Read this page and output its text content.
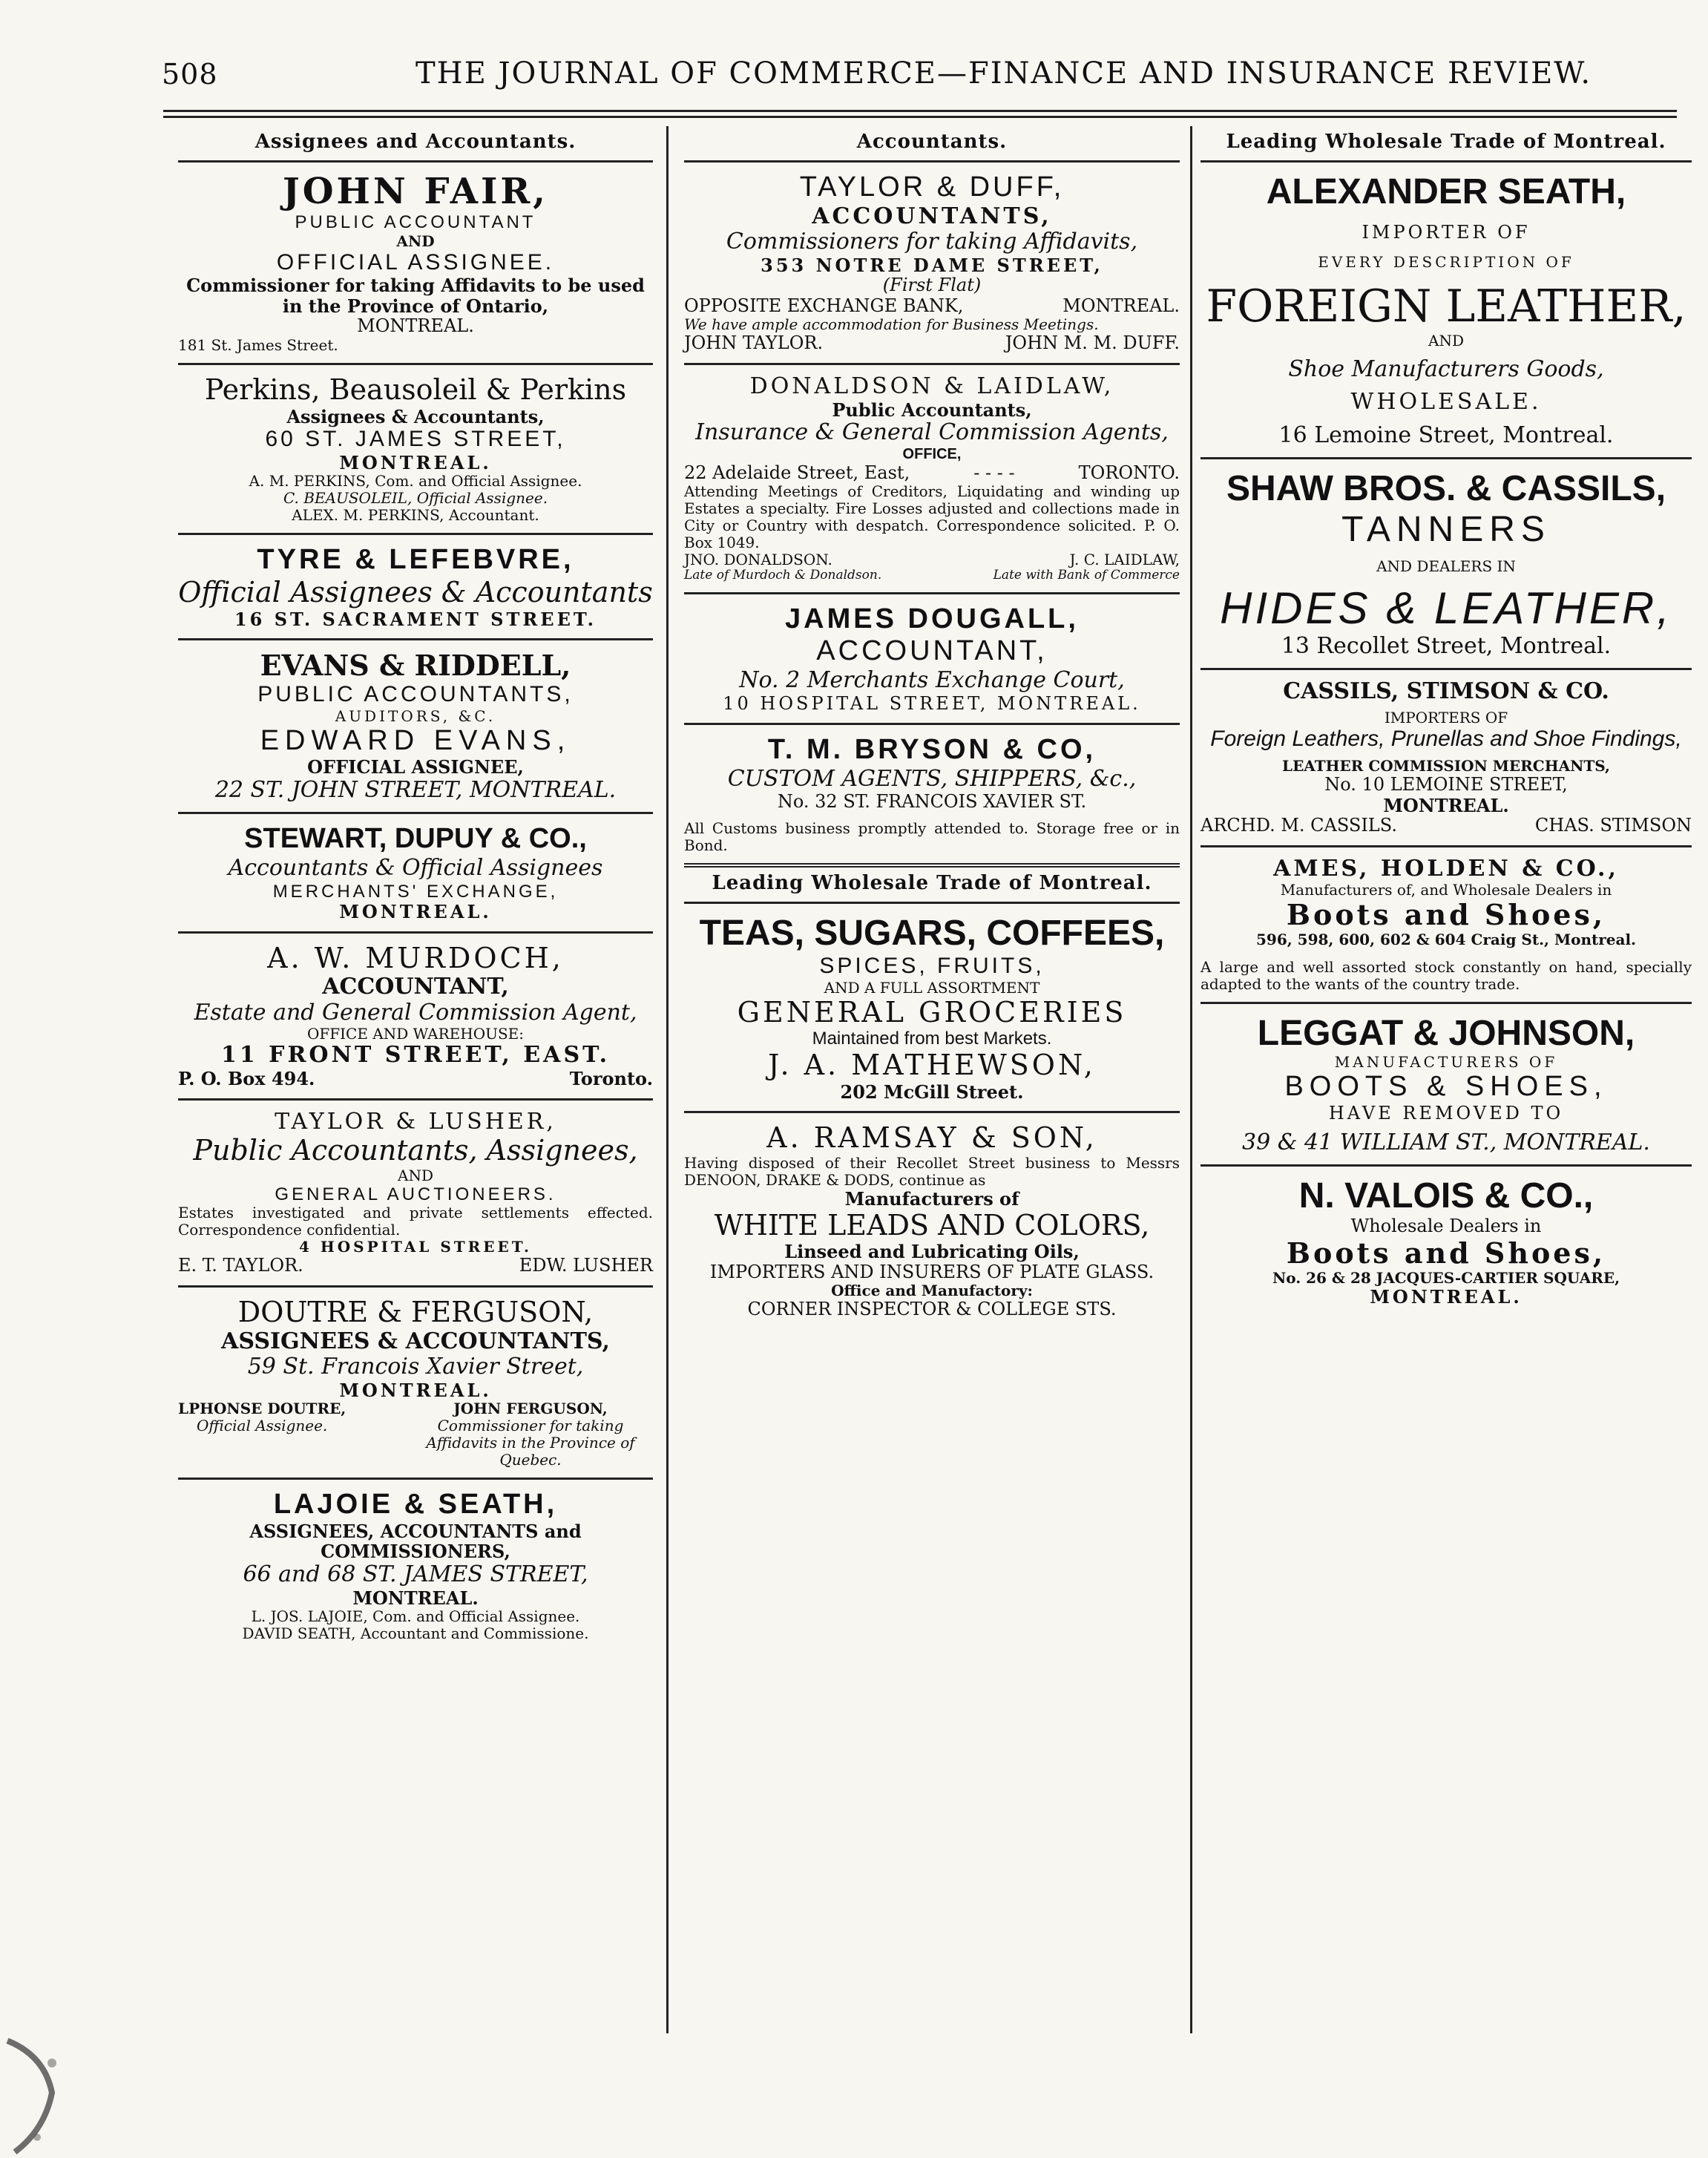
508	THE JOURNAL OF COMMERCE—FINANCE AND INSURANCE REVIEW.
Assignees and Accountants.
JOHN FAIR,
PUBLIC ACCOUNTANT
AND
OFFICIAL ASSIGNEE.
Commissioner for taking Affidavits to be used
in the Province of Ontario,
MONTREAL.
181 St. James Street.
Perkins, Beausoleil & Perkins
Assignees & Accountants,
60 ST. JAMES STREET,
MONTREAL.
A. M. PERKINS, Com. and Official Assignee.
C. BEAUSOLEIL, Official Assignee.
ALEX. M. PERKINS, Accountant.
TYRE & LEFEBVRE,
Official Assignees & Accountants
16 ST. SACRAMENT STREET.
EVANS & RIDDELL,
PUBLIC ACCOUNTANTS,
AUDITORS, &C.
EDWARD EVANS,
OFFICIAL ASSIGNEE,
22 ST. JOHN STREET, MONTREAL.
STEWART, DUPUY & CO.,
Accountants & Official Assignees
MERCHANTS' EXCHANGE,
MONTREAL.
A. W. MURDOCH,
ACCOUNTANT,
Estate and General Commission Agent,
OFFICE AND WAREHOUSE:
11 FRONT STREET, EAST.
P. O. Box 494.	Toronto.
TAYLOR & LUSHER,
Public Accountants, Assignees,
AND
GENERAL AUCTIONEERS.
Estates investigated and private settlements effected. Correspondence confidential.
4 HOSPITAL STREET.
E. T. TAYLOR.	EDW. LUSHER
DOUTRE & FERGUSON,
ASSIGNEES & ACCOUNTANTS,
59 St. Francois Xavier Street,
MONTREAL.
LPHONSE DOUTRE,
Official Assignee.
JOHN FERGUSON,
Commissioner for taking Affidavits in the Province of Quebec.
LAJOIE & SEATH,
ASSIGNEES, ACCOUNTANTS and
COMMISSIONERS,
66 and 68 ST. JAMES STREET,
MONTREAL.
L. JOS. LAJOIE, Com. and Official Assignee.
DAVID SEATH, Accountant and Commissione.
Accountants.
TAYLOR & DUFF,
ACCOUNTANTS,
Commissioners for taking Affidavits,
353 NOTRE DAME STREET,
(First Flat)
OPPOSITE EXCHANGE BANK,	MONTREAL.
We have ample accommodation for Business Meetings.
JOHN TAYLOR.	JOHN M. M. DUFF.
DONALDSON & LAIDLAW,
Public Accountants,
Insurance & General Commission Agents,
OFFICE,
22 Adelaide Street, East,	- - - -	TORONTO.
Attending Meetings of Creditors, Liquidating and winding up Estates a specialty. Fire Losses adjusted and collections made in City or Country with despatch. Correspondence solicited. P. O. Box 1049.
JNO. DONALDSON.	J. C. LAIDLAW,
Late of Murdoch & Donaldson.	Late with Bank of Commerce
JAMES DOUGALL,
ACCOUNTANT,
No. 2 Merchants Exchange Court,
10 HOSPITAL STREET, MONTREAL.
T. M. BRYSON & CO,
CUSTOM AGENTS, SHIPPERS, &c.,
No. 32 ST. FRANCOIS XAVIER ST.
All Customs business promptly attended to. Storage free or in Bond.
Leading Wholesale Trade of Montreal.
TEAS, SUGARS, COFFEES,
SPICES, FRUITS,
AND A FULL ASSORTMENT
GENERAL GROCERIES
Maintained from best Markets.
J. A. MATHEWSON,
202 McGill Street.
A. RAMSAY & SON,
Having disposed of their Recollet Street business to Messrs DENOON, DRAKE & DODS, continue as
Manufacturers of
WHITE LEADS AND COLORS,
Linseed and Lubricating Oils,
IMPORTERS AND INSURERS OF PLATE GLASS.
Office and Manufactory:
CORNER INSPECTOR & COLLEGE STS.
Leading Wholesale Trade of Montreal.
ALEXANDER SEATH,
IMPORTER OF
EVERY DESCRIPTION OF
FOREIGN LEATHER,
AND
Shoe Manufacturers Goods,
WHOLESALE.
16 Lemoine Street, Montreal.
SHAW BROS. & CASSILS,
TANNERS
AND DEALERS IN
HIDES & LEATHER,
13 Recollet Street, Montreal.
CASSILS, STIMSON & CO.
IMPORTERS OF
Foreign Leathers, Prunellas and Shoe Findings,
LEATHER COMMISSION MERCHANTS,
No. 10 LEMOINE STREET,
MONTREAL.
ARCHD. M. CASSILS.	CHAS. STIMSON
AMES, HOLDEN & CO.,
Manufacturers of, and Wholesale Dealers in
Boots and Shoes,
596, 598, 600, 602 & 604 Craig St., Montreal.
A large and well assorted stock constantly on hand, specially adapted to the wants of the country trade.
LEGGAT & JOHNSON,
MANUFACTURERS OF
BOOTS & SHOES,
HAVE REMOVED TO
39 & 41 WILLIAM ST., MONTREAL.
N. VALOIS & CO.,
Wholesale Dealers in
Boots and Shoes,
No. 26 & 28 JACQUES-CARTIER SQUARE,
MONTREAL.
